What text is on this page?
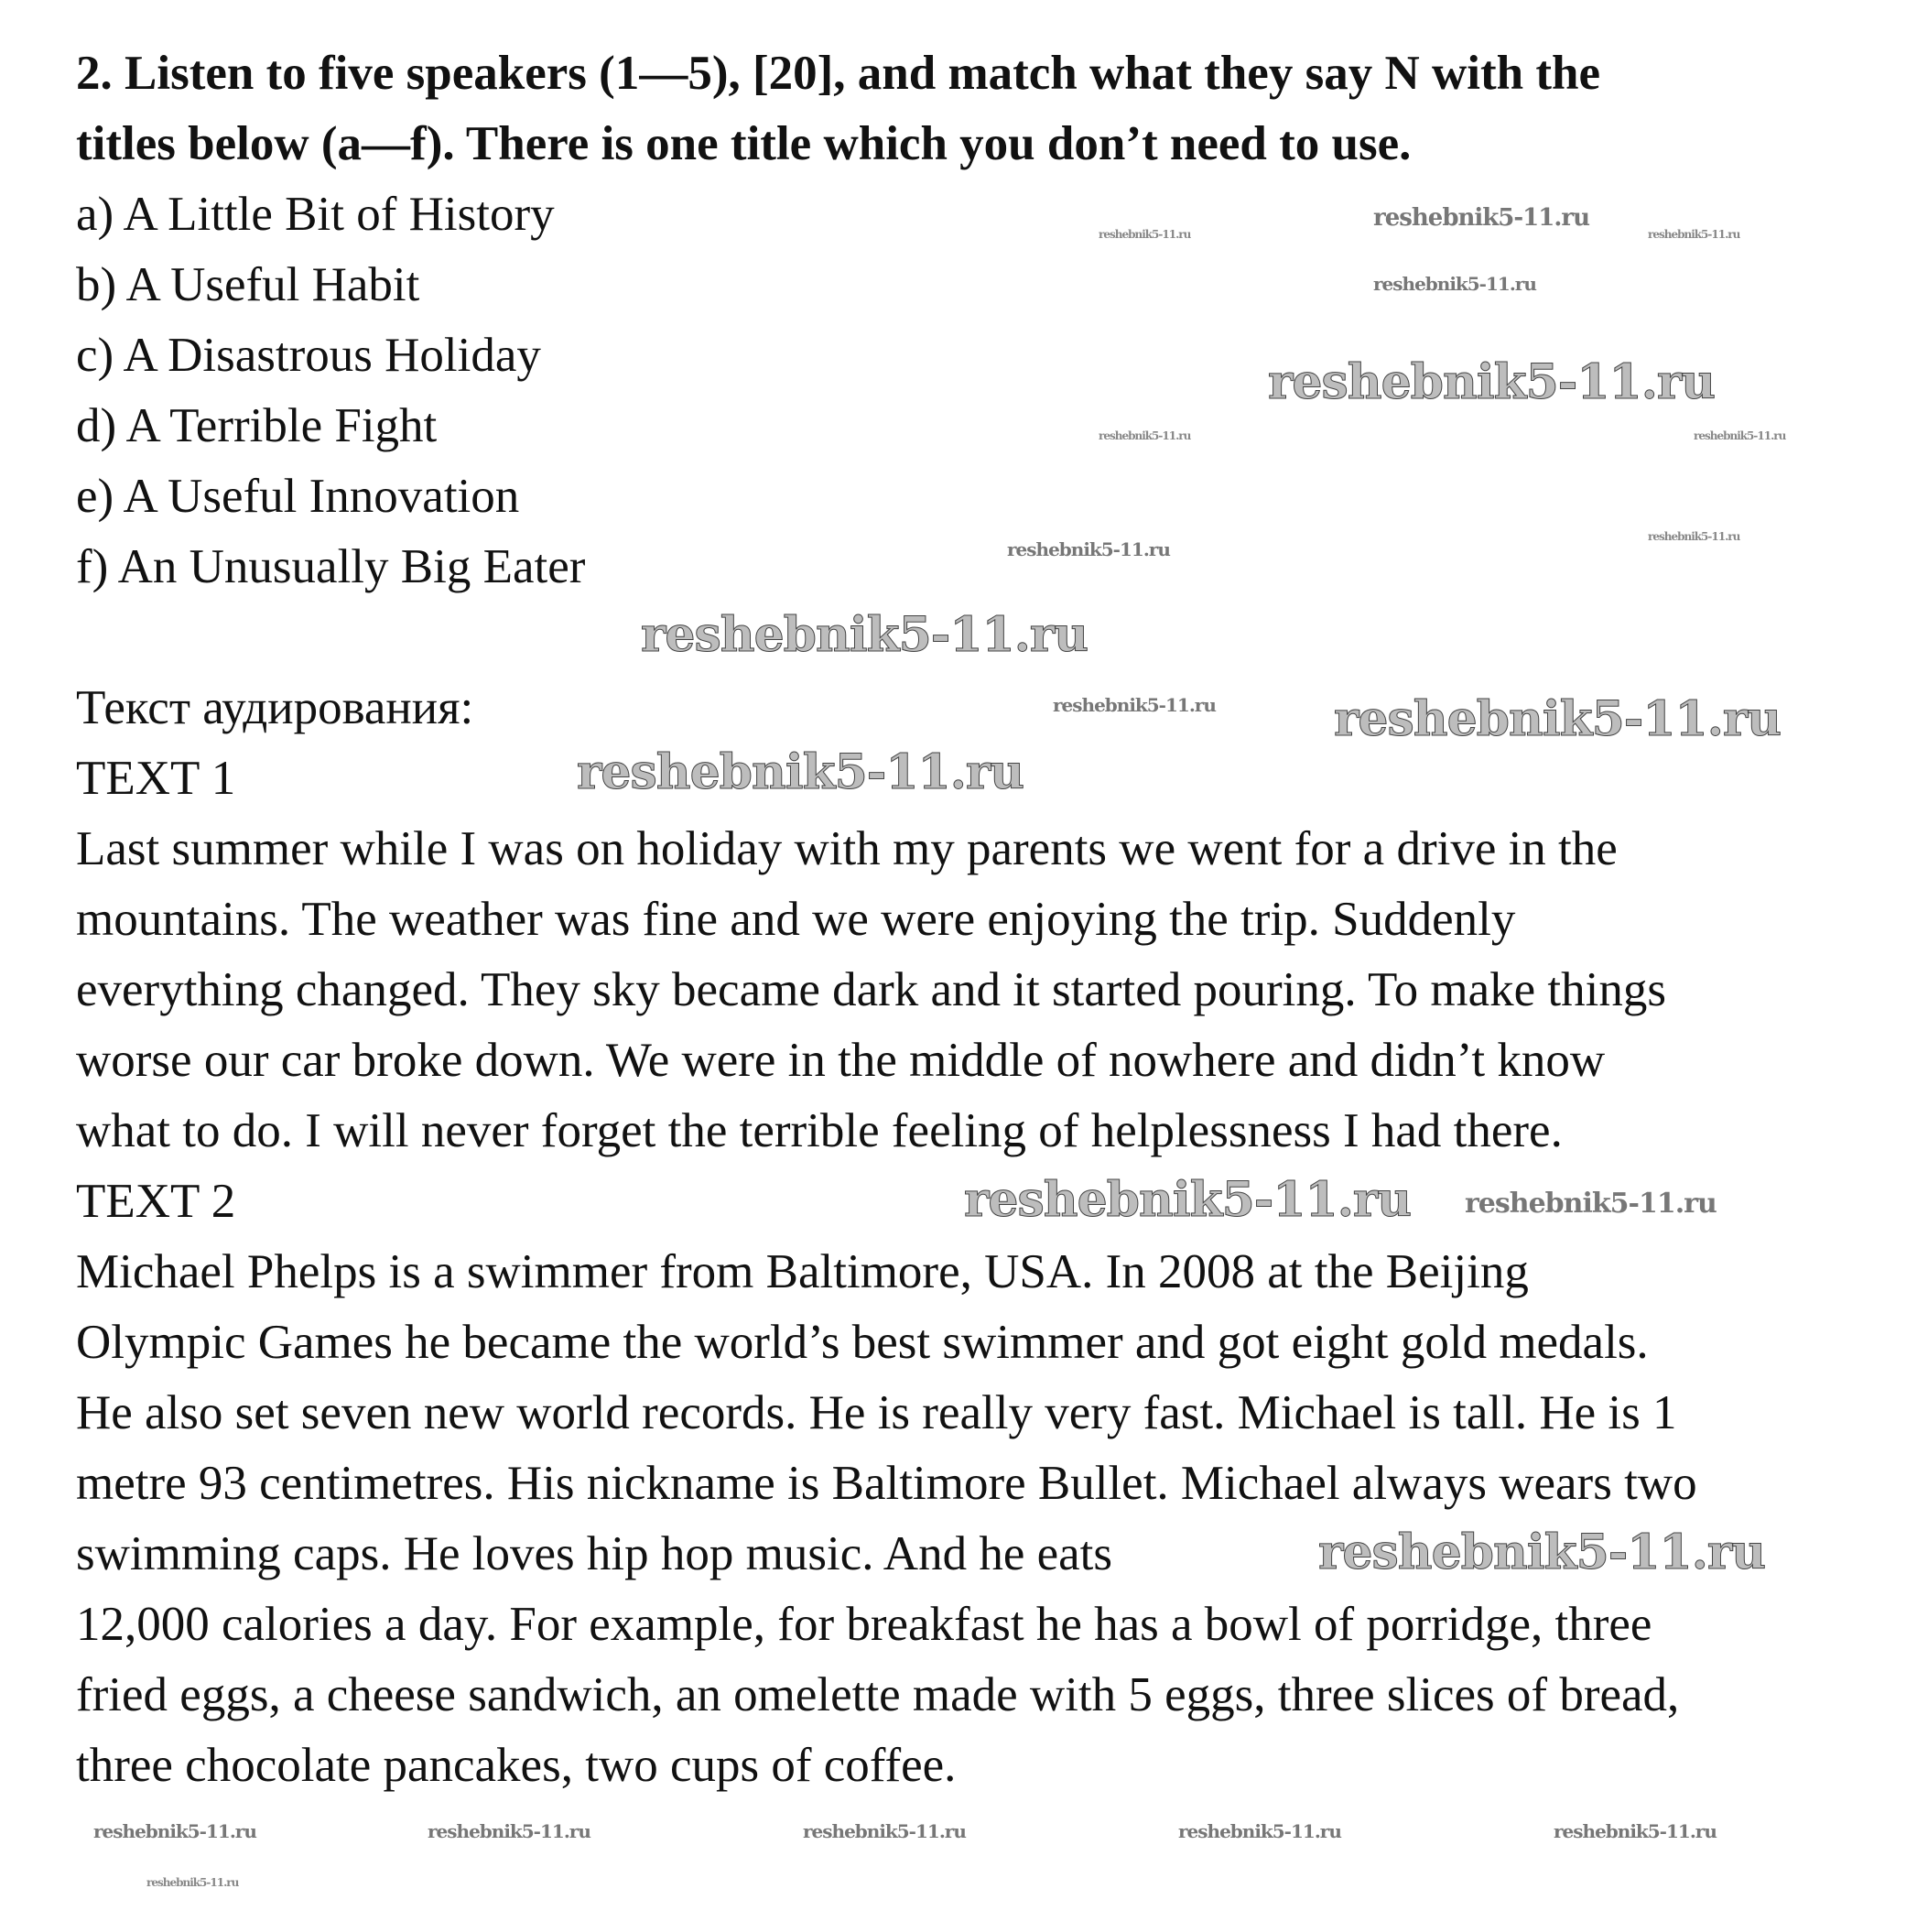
2. Listen to five speakers (1—5), [20], and match what they say N with the
titles below (a—f). There is one title which you don’t need to use.
a) A Little Bit of History
b) A Useful Habit
c) A Disastrous Holiday
d) A Terrible Fight
e) A Useful Innovation
f) An Unusually Big Eater
Текст аудирования:
TEXT 1
Last summer while I was on holiday with my parents we went for a drive in the
mountains. The weather was fine and we were enjoying the trip. Suddenly
everything changed. They sky became dark and it started pouring. To make things
worse our car broke down. We were in the middle of nowhere and didn’t know
what to do. I will never forget the terrible feeling of helplessness I had there.
TEXT 2
Michael Phelps is a swimmer from Baltimore, USA. In 2008 at the Beijing
Olympic Games he became the world’s best swimmer and got eight gold medals.
He also set seven new world records. He is really very fast. Michael is tall. He is 1
metre 93 centimetres. His nickname is Baltimore Bullet. Michael always wears two
swimming caps. He loves hip hop music. And he eats
12,000 calories a day. For example, for breakfast he has a bowl of porridge, three
fried eggs, a cheese sandwich, an omelette made with 5 eggs, three slices of bread,
three chocolate pancakes, two cups of coffee.
reshebnik5-11.ru
reshebnik5-11.ru
reshebnik5-11.ru
reshebnik5-11.ru
reshebnik5-11.ru
reshebnik5-11.ru
reshebnik5-11.ru
reshebnik5-11.ru
reshebnik5-11.ru
reshebnik5-11.ru
reshebnik5-11.ru
reshebnik5-11.ru	reshebnik5-11.ru	reshebnik5-11.ru	reshebnik5-11.ru	reshebnik5-11.ru
reshebnik5-11.ru	reshebnik5-11.ru
reshebnik5-11.ru	reshebnik5-11.ru
reshebnik5-11.ru
reshebnik5-11.ru
